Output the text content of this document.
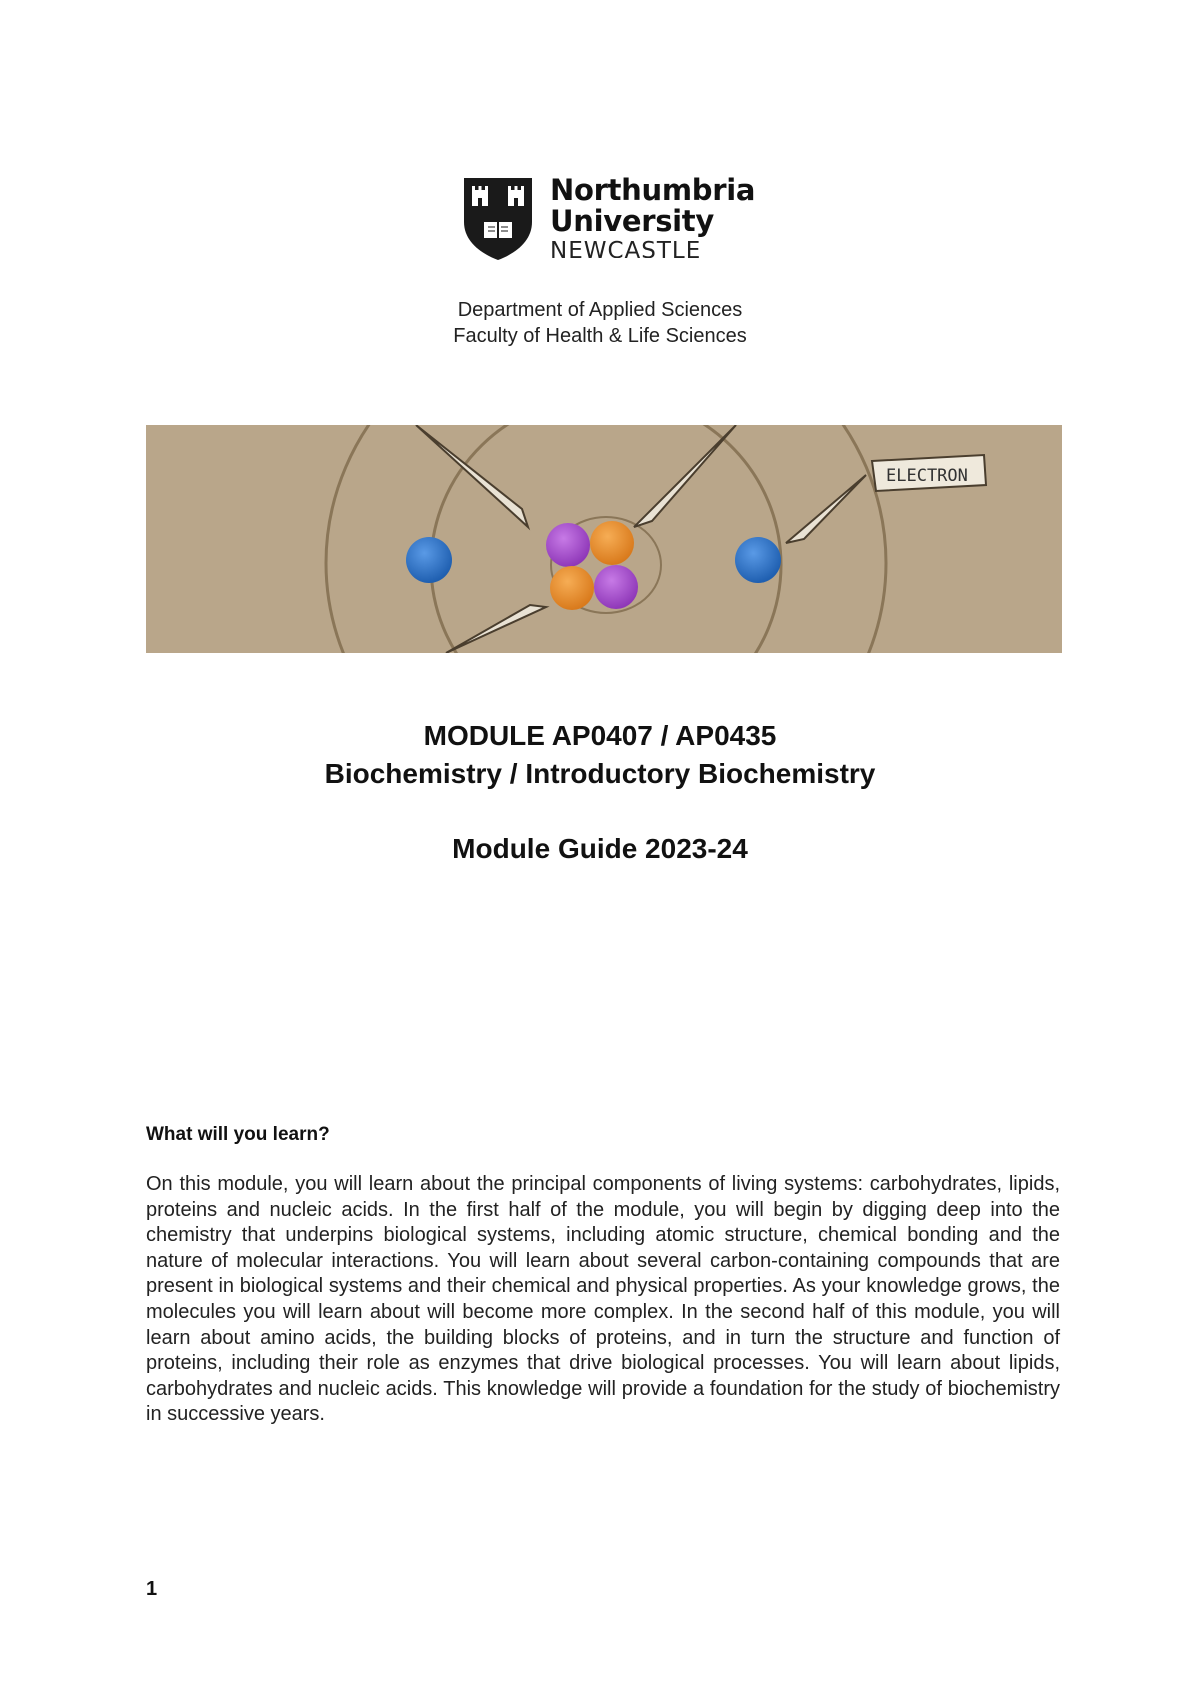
Northumbria
University
NEWCASTLE
Department of Applied Sciences
Faculty of Health & Life Sciences
ELECTRON
MODULE AP0407 / AP0435
Biochemistry / Introductory Biochemistry
Module Guide 2023-24
What will you learn?
On this module, you will learn about the principal components of living systems: carbohydrates, lipids, proteins and nucleic acids. In the first half of the module, you will begin by digging deep into the chemistry that underpins biological systems, including atomic structure, chemical bonding and the nature of molecular interactions. You will learn about several carbon-containing compounds that are present in biological systems and their chemical and physical properties. As your knowledge grows, the molecules you will learn about will become more complex. In the second half of this module, you will learn about amino acids, the building blocks of proteins, and in turn the structure and function of proteins, including their role as enzymes that drive biological processes. You will learn about lipids, carbohydrates and nucleic acids. This knowledge will provide a foundation for the study of biochemistry in successive years.
1
